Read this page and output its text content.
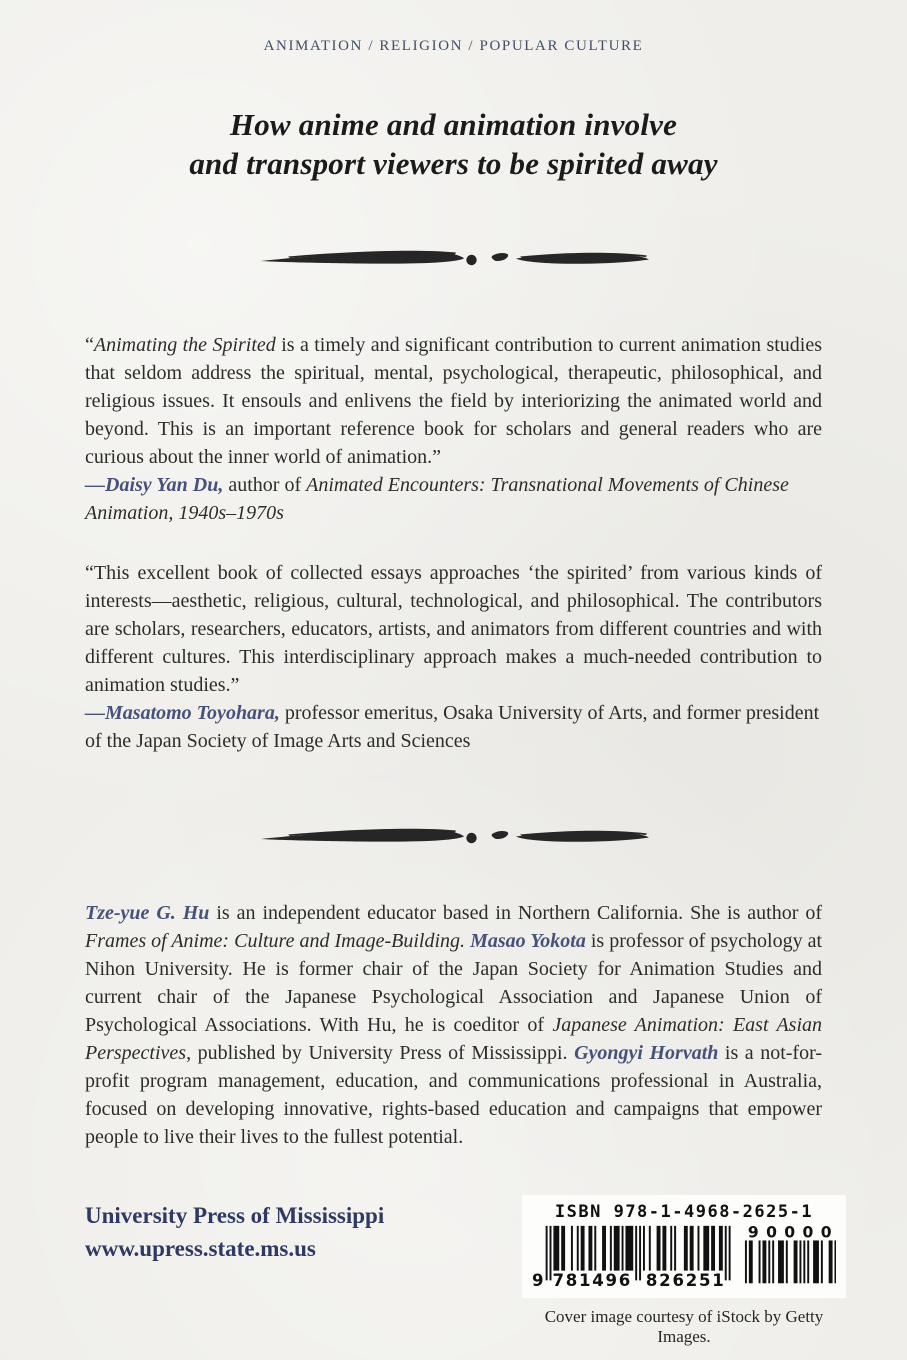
ANIMATION / RELIGION / POPULAR CULTURE
How anime and animation involve
and transport viewers to be spirited away

“Animating the Spirited is a timely and significant contribution to current animation studies that seldom address the spiritual, mental, psychological, therapeutic, philosophical, and religious issues. It ensouls and enlivens the field by interiorizing the animated world and beyond. This is an important reference book for scholars and general readers who are curious about the inner world of animation.”

—Daisy Yan Du, author of Animated Encounters: Transnational Movements of Chinese Animation, 1940s–1970s

“This excellent book of collected essays approaches ‘the spirited’ from various kinds of interests—aesthetic, religious, cultural, technological, and philosophical. The contributors are scholars, researchers, educators, artists, and animators from different countries and with different cultures. This interdisciplinary approach makes a much-needed contribution to animation studies.”

—Masatomo Toyohara, professor emeritus, Osaka University of Arts, and former president of the Japan Society of Image Arts and Sciences

Tze-yue G. Hu is an independent educator based in Northern California. She is author of Frames of Anime: Culture and Image-Building. Masao Yokota is professor of psychology at Nihon University. He is former chair of the Japan Society for Animation Studies and current chair of the Japanese Psychological Association and Japanese Union of Psychological Associations. With Hu, he is coeditor of Japanese Animation: East Asian Perspectives, published by University Press of Mississippi. Gyongyi Horvath is a not-for-profit program management, education, and communications professional in Australia, focused on developing innovative, rights-based education and campaigns that empower people to live their lives to the fullest potential.

University Press of Mississippi
www.upress.state.ms.us
ISBN 978-1-4968-2625-1
9 781496 826251
90000
Cover image courtesy of iStock by Getty Images.
